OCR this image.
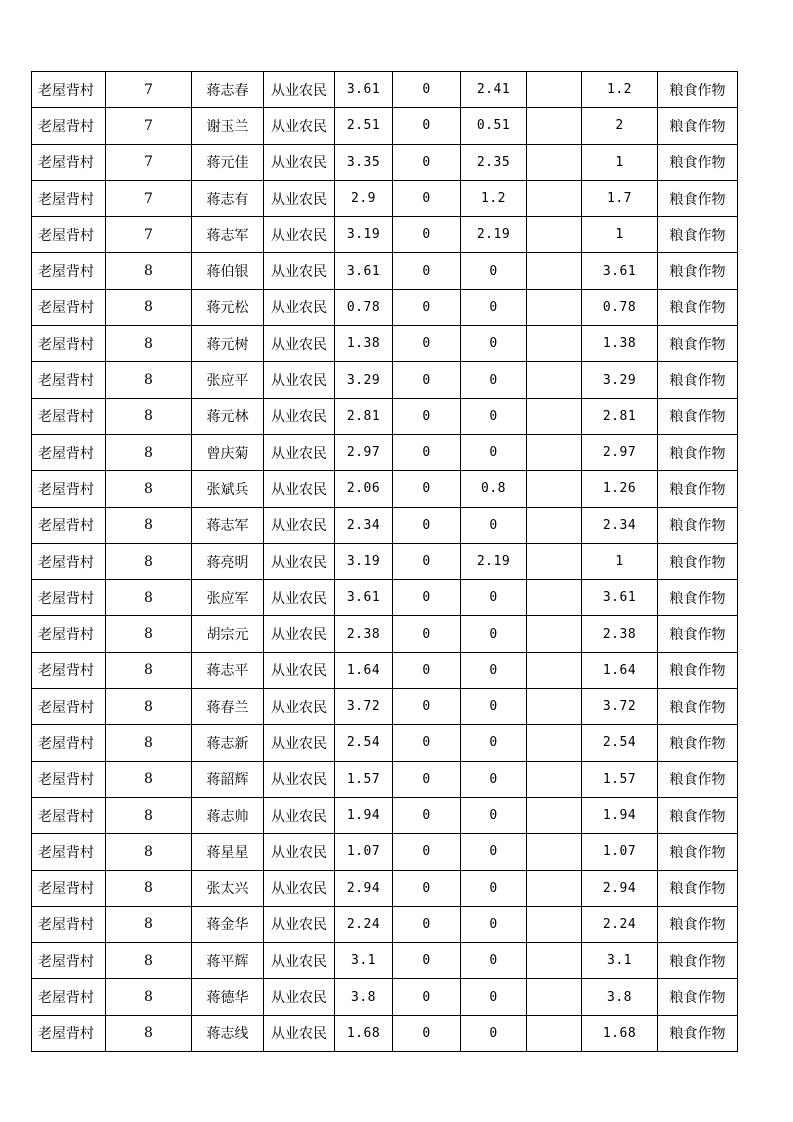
老屋背村	7	蒋志春	从业农民	3.61	0	2.41		1.2	粮食作物
老屋背村	7	谢玉兰	从业农民	2.51	0	0.51		2	粮食作物
老屋背村	7	蒋元佳	从业农民	3.35	0	2.35		1	粮食作物
老屋背村	7	蒋志有	从业农民	2.9	0	1.2		1.7	粮食作物
老屋背村	7	蒋志军	从业农民	3.19	0	2.19		1	粮食作物
老屋背村	8	蒋伯银	从业农民	3.61	0	0		3.61	粮食作物
老屋背村	8	蒋元松	从业农民	0.78	0	0		0.78	粮食作物
老屋背村	8	蒋元树	从业农民	1.38	0	0		1.38	粮食作物
老屋背村	8	张应平	从业农民	3.29	0	0		3.29	粮食作物
老屋背村	8	蒋元林	从业农民	2.81	0	0		2.81	粮食作物
老屋背村	8	曾庆菊	从业农民	2.97	0	0		2.97	粮食作物
老屋背村	8	张斌兵	从业农民	2.06	0	0.8		1.26	粮食作物
老屋背村	8	蒋志军	从业农民	2.34	0	0		2.34	粮食作物
老屋背村	8	蒋亮明	从业农民	3.19	0	2.19		1	粮食作物
老屋背村	8	张应军	从业农民	3.61	0	0		3.61	粮食作物
老屋背村	8	胡宗元	从业农民	2.38	0	0		2.38	粮食作物
老屋背村	8	蒋志平	从业农民	1.64	0	0		1.64	粮食作物
老屋背村	8	蒋春兰	从业农民	3.72	0	0		3.72	粮食作物
老屋背村	8	蒋志新	从业农民	2.54	0	0		2.54	粮食作物
老屋背村	8	蒋韶辉	从业农民	1.57	0	0		1.57	粮食作物
老屋背村	8	蒋志帅	从业农民	1.94	0	0		1.94	粮食作物
老屋背村	8	蒋星星	从业农民	1.07	0	0		1.07	粮食作物
老屋背村	8	张太兴	从业农民	2.94	0	0		2.94	粮食作物
老屋背村	8	蒋金华	从业农民	2.24	0	0		2.24	粮食作物
老屋背村	8	蒋平辉	从业农民	3.1	0	0		3.1	粮食作物
老屋背村	8	蒋德华	从业农民	3.8	0	0		3.8	粮食作物
老屋背村	8	蒋志线	从业农民	1.68	0	0		1.68	粮食作物
